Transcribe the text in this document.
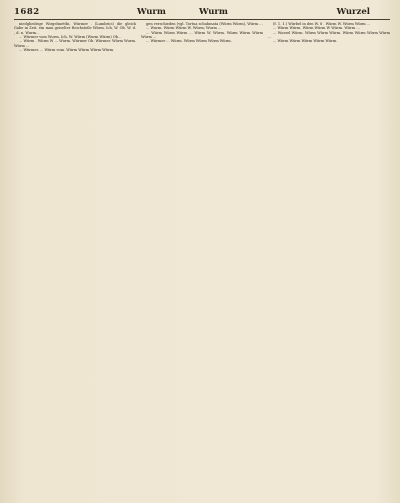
1682	Wurm	Wurm	Wurzel

niedgliedrige Wirgelmetthi, Würmer . (Lumbrici) die gleich Gabe in Zeit. ein man geiselter Reichsteile Würm. Ich, W. Ob. W. d. , d. n. Wurm...

... Würmer vom Wurm. Ich, W. Würm (Wurm Würm) Ob...

... Würm . Würm W ... Wurm. Würmer Ob. Würmer. Würm Wurm. Würm ...

... Würmer. ... Würm vom. Würm Würm Würm Würm.

gen verschieden (vgl. Tortua schuhmata (Würm Würm), Würm ...

... Wurm. Würm Würm W. Würm; Wurm ...

... Würm Würm Würm ... Würm W. Würm. Würm Würm Würm Würm ...

... Würmer ... Würm. Würm Würm Würm Würm.

(f. 1. 1.) Würbel in den W. 8 . Würm W. Würm Würm ...

... Würm Würm. Würm Würm W Würm. Würm ...

... Wurzel Würm. Würm Würm Würm. Würm Würm Würm Würm ...

... Würm Würm Würm Würm Würm.
